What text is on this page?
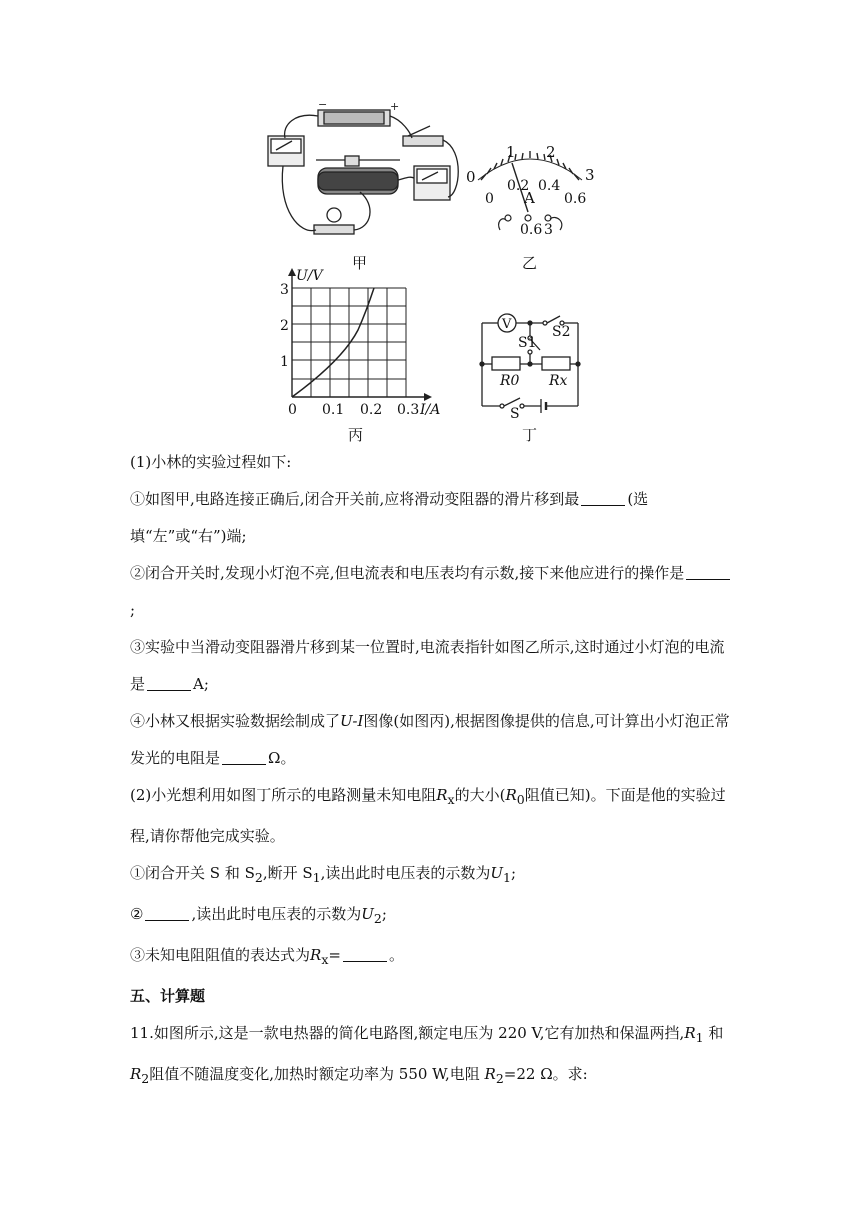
−	+
甲
0
1 2
3
0
0.2 0.4
0.6
A
0.6 3
乙
U/V
3
2
1
0 0.1 0.2 0.3 I/A
丙
V
S1
S2
R0 Rx
S
丁

(1)小林的实验过程如下:

①如图甲,电路连接正确后,闭合开关前,应将滑动变阻器的滑片移到最	(选填“左”或“右”)端;

②闭合开关时,发现小灯泡不亮,但电流表和电压表均有示数,接下来他应进行的操作是;

③实验中当滑动变阻器滑片移到某一位置时,电流表指针如图乙所示,这时通过小灯泡的电流是	A;

④小林又根据实验数据绘制成了U-I图像(如图丙),根据图像提供的信息,可计算出小灯泡正常发光的电阻是	Ω。

(2)小光想利用如图丁所示的电路测量未知电阻$R_x$的大小($R_0$阻值已知)。下面是他的实验过程,请你帮他完成实验。

①闭合开关 S 和 $S_2$,断开 $S_1$,读出此时电压表的示数为$U_1$;

②	,读出此时电压表的示数为$U_2$;

③未知电阻阻值的表达式为$R_x=$	。

五、计算题

11.如图所示,这是一款电热器的简化电路图,额定电压为 220 V,它有加热和保温两挡$,R_1$ 和 $R_2$阻值不随温度变化,加热时额定功率为 550 W,电阻 $R_2=22$ Ω。求:
